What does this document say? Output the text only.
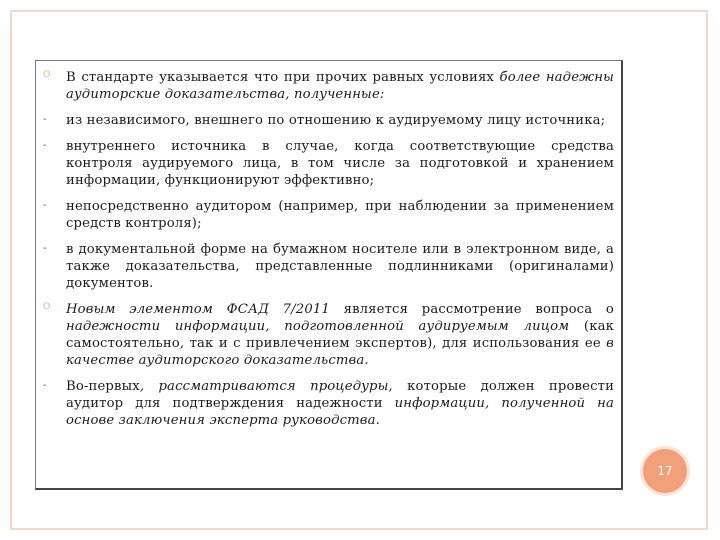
⭘ В стандарте указывается что при прочих равных условиях более надежны аудиторские доказательства, полученные:
- из независимого, внешнего по отношению к аудируемому лицу источника;
- внутреннего источника в случае, когда соответствующие средства контроля аудируемого лица, в том числе за подготовкой и хранением информации, функционируют эффективно;
- непосредственно аудитором (например, при наблюдении за применением средств контроля);
- в документальной форме на бумажном носителе или в электронном виде, а также доказательства, представленные подлинниками (оригиналами) документов.
⭘ Новым элементом ФСАД 7/2011 является рассмотрение вопроса о надежности информации, подготовленной аудируемым лицом (как самостоятельно, так и с привлечением экспертов), для использования ее в качестве аудиторского доказательства.
- Во-первых, рассматриваются процедуры, которые должен провести аудитор для подтверждения надежности информации, полученной на основе заключения эксперта руководства.
17
